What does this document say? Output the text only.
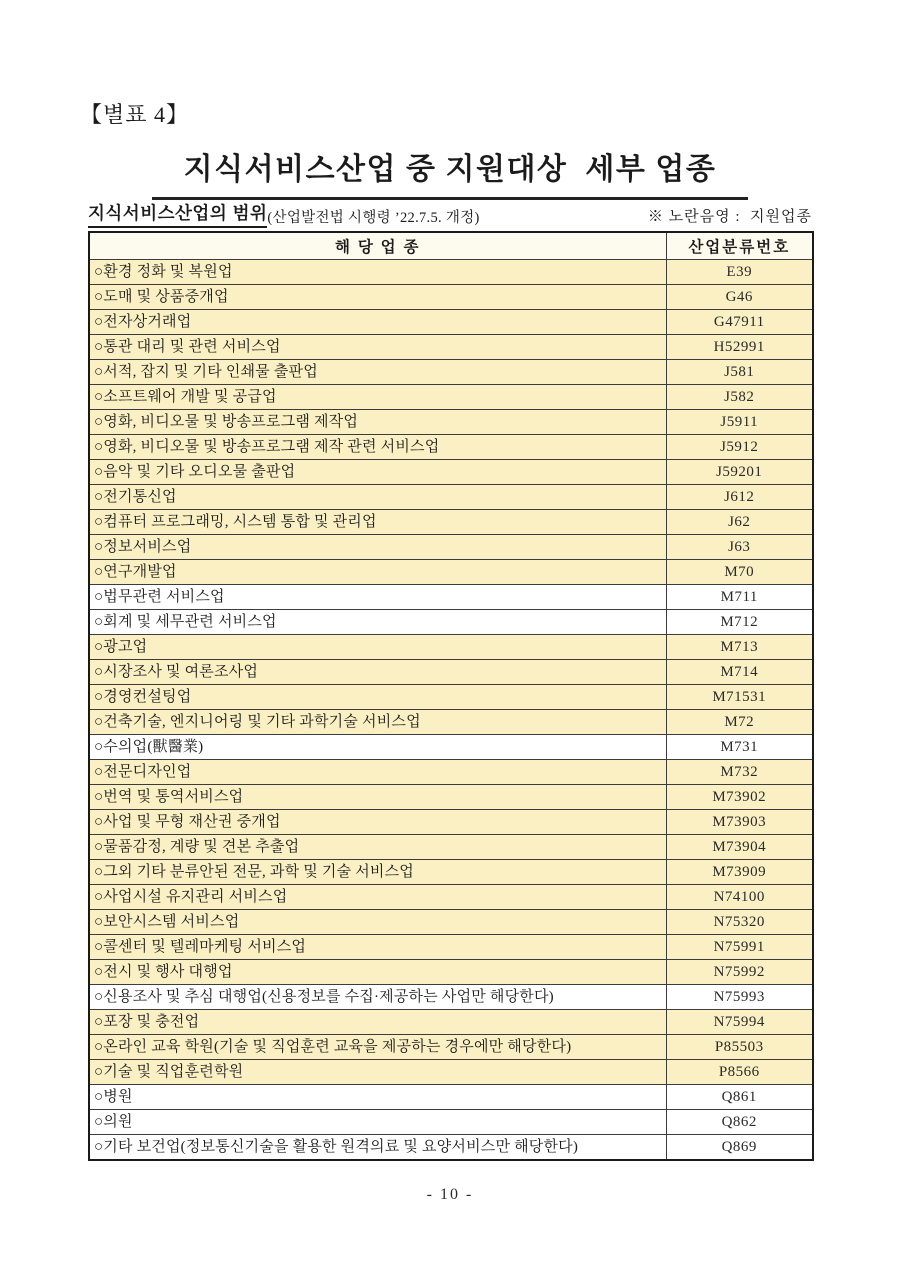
【별표 4】
지식서비스산업 중 지원대상  세부 업종
지식서비스산업의 범위 (산업발전법 시행령 ’22.7.5. 개정)	※ 노란음영 :  지원업종
해 당 업 종	산업분류번호
○환경 정화 및 복원업	E39
○도매 및 상품중개업	G46
○전자상거래업	G47911
○통관 대리 및 관련 서비스업	H52991
○서적, 잡지 및 기타 인쇄물 출판업	J581
○소프트웨어 개발 및 공급업	J582
○영화, 비디오물 및 방송프로그램 제작업	J5911
○영화, 비디오물 및 방송프로그램 제작 관련 서비스업	J5912
○음악 및 기타 오디오물 출판업	J59201
○전기통신업	J612
○컴퓨터 프로그래밍, 시스템 통합 및 관리업	J62
○정보서비스업	J63
○연구개발업	M70
○법무관련 서비스업	M711
○회계 및 세무관련 서비스업	M712
○광고업	M713
○시장조사 및 여론조사업	M714
○경영컨설팅업	M71531
○건축기술, 엔지니어링 및 기타 과학기술 서비스업	M72
○수의업(獸醫業)	M731
○전문디자인업	M732
○번역 및 통역서비스업	M73902
○사업 및 무형 재산권 중개업	M73903
○물품감정, 계량 및 견본 추출업	M73904
○그외 기타 분류안된 전문, 과학 및 기술 서비스업	M73909
○사업시설 유지관리 서비스업	N74100
○보안시스템 서비스업	N75320
○콜센터 및 텔레마케팅 서비스업	N75991
○전시 및 행사 대행업	N75992
○신용조사 및 추심 대행업(신용정보를 수집·제공하는 사업만 해당한다)	N75993
○포장 및 충전업	N75994
○온라인 교육 학원(기술 및 직업훈련 교육을 제공하는 경우에만 해당한다)	P85503
○기술 및 직업훈련학원	P8566
○병원	Q861
○의원	Q862
○기타 보건업(정보통신기술을 활용한 원격의료 및 요양서비스만 해당한다)	Q869
- 10 -
